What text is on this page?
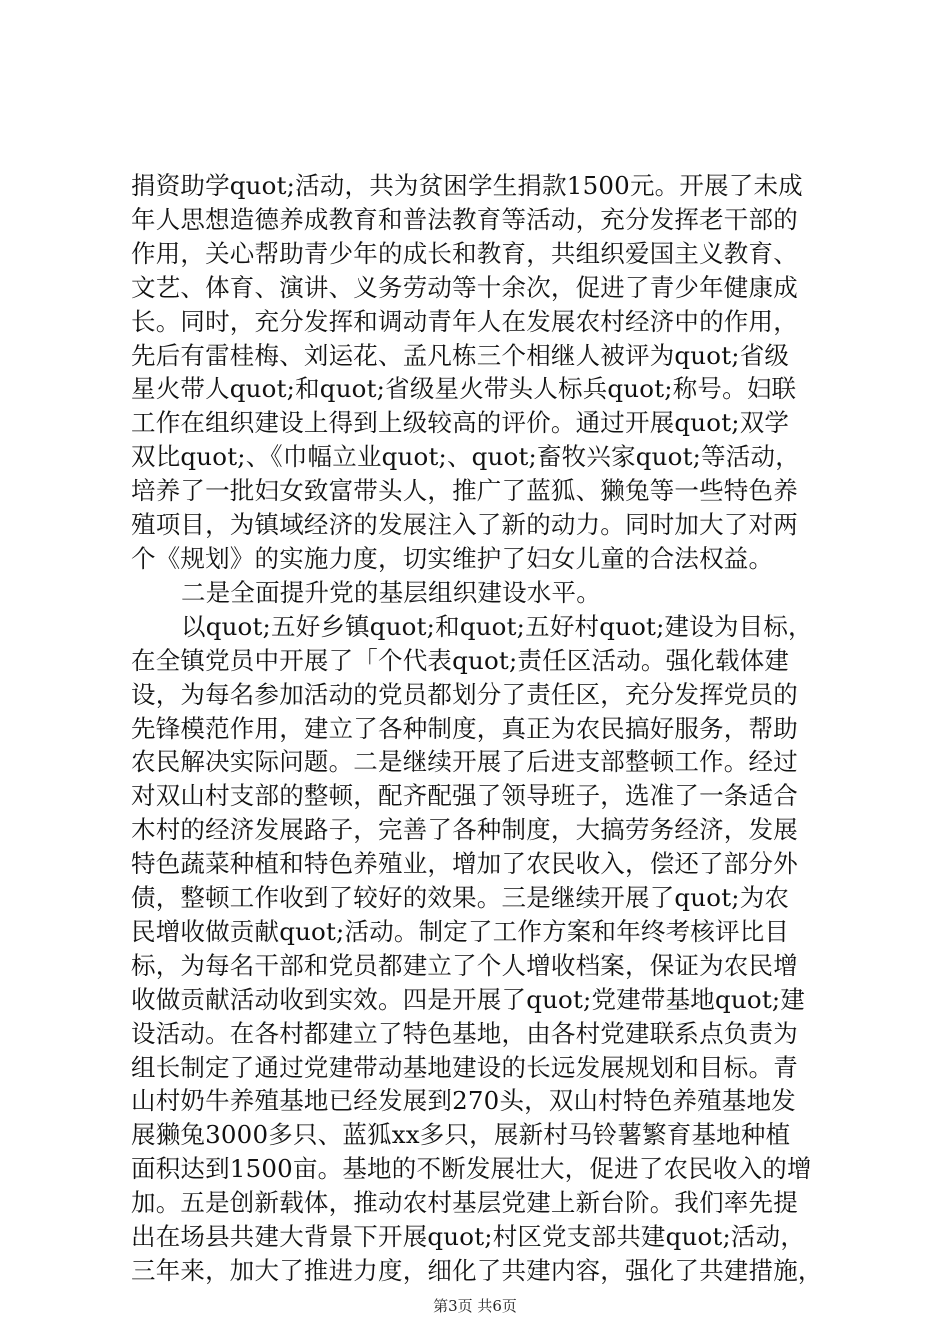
捐资助学quot;活动，共为贫困学生捐款1500元。开展了未成
年人思想造德养成教育和普法教育等活动，充分发挥老干部的
作用，关心帮助青少年的成长和教育，共组织爱国主义教育、
文艺、体育、演讲、义务劳动等十余次，促进了青少年健康成
长。同时，充分发挥和调动青年人在发展农村经济中的作用，
先后有雷桂梅、刘运花、孟凡栋三个相继人被评为quot;省级
星火带人quot;和quot;省级星火带头人标兵quot;称号。妇联
工作在组织建设上得到上级较高的评价。通过开展quot;双学
双比quot;、《巾幅立业quot;、quot;畜牧兴家quot;等活动，
培养了一批妇女致富带头人，推广了蓝狐、獭兔等一些特色养
殖项目，为镇域经济的发展注入了新的动力。同时加大了对两
个《规划》的实施力度，切实维护了妇女儿童的合法权益。
二是全面提升党的基层组织建设水平。
以quot;五好乡镇quot;和quot;五好村quot;建设为目标，
在全镇党员中开展了「个代表quot;责任区活动。强化载体建
设，为每名参加活动的党员都划分了责任区，充分发挥党员的
先锋模范作用，建立了各种制度，真正为农民搞好服务，帮助
农民解决实际问题。二是继续开展了后进支部整顿工作。经过
对双山村支部的整顿，配齐配强了领导班子，选准了一条适合
木村的经济发展路子，完善了各种制度，大搞劳务经济，发展
特色蔬菜种植和特色养殖业，增加了农民收入，偿还了部分外
债，整顿工作收到了较好的效果。三是继续开展了quot;为农
民增收做贡献quot;活动。制定了工作方案和年终考核评比目
标，为每名干部和党员都建立了个人增收档案，保证为农民增
收做贡献活动收到实效。四是开展了quot;党建带基地quot;建
设活动。在各村都建立了特色基地，由各村党建联系点负责为
组长制定了通过党建带动基地建设的长远发展规划和目标。青
山村奶牛养殖基地已经发展到270头，双山村特色养殖基地发
展獭兔3000多只、蓝狐xx多只，展新村马铃薯繁育基地种植
面积达到1500亩。基地的不断发展壮大，促进了农民收入的增
加。五是创新载体，推动农村基层党建上新台阶。我们率先提
出在场县共建大背景下开展quot;村区党支部共建quot;活动，
三年来，加大了推进力度，细化了共建内容，强化了共建措施，
第3页 共6页
